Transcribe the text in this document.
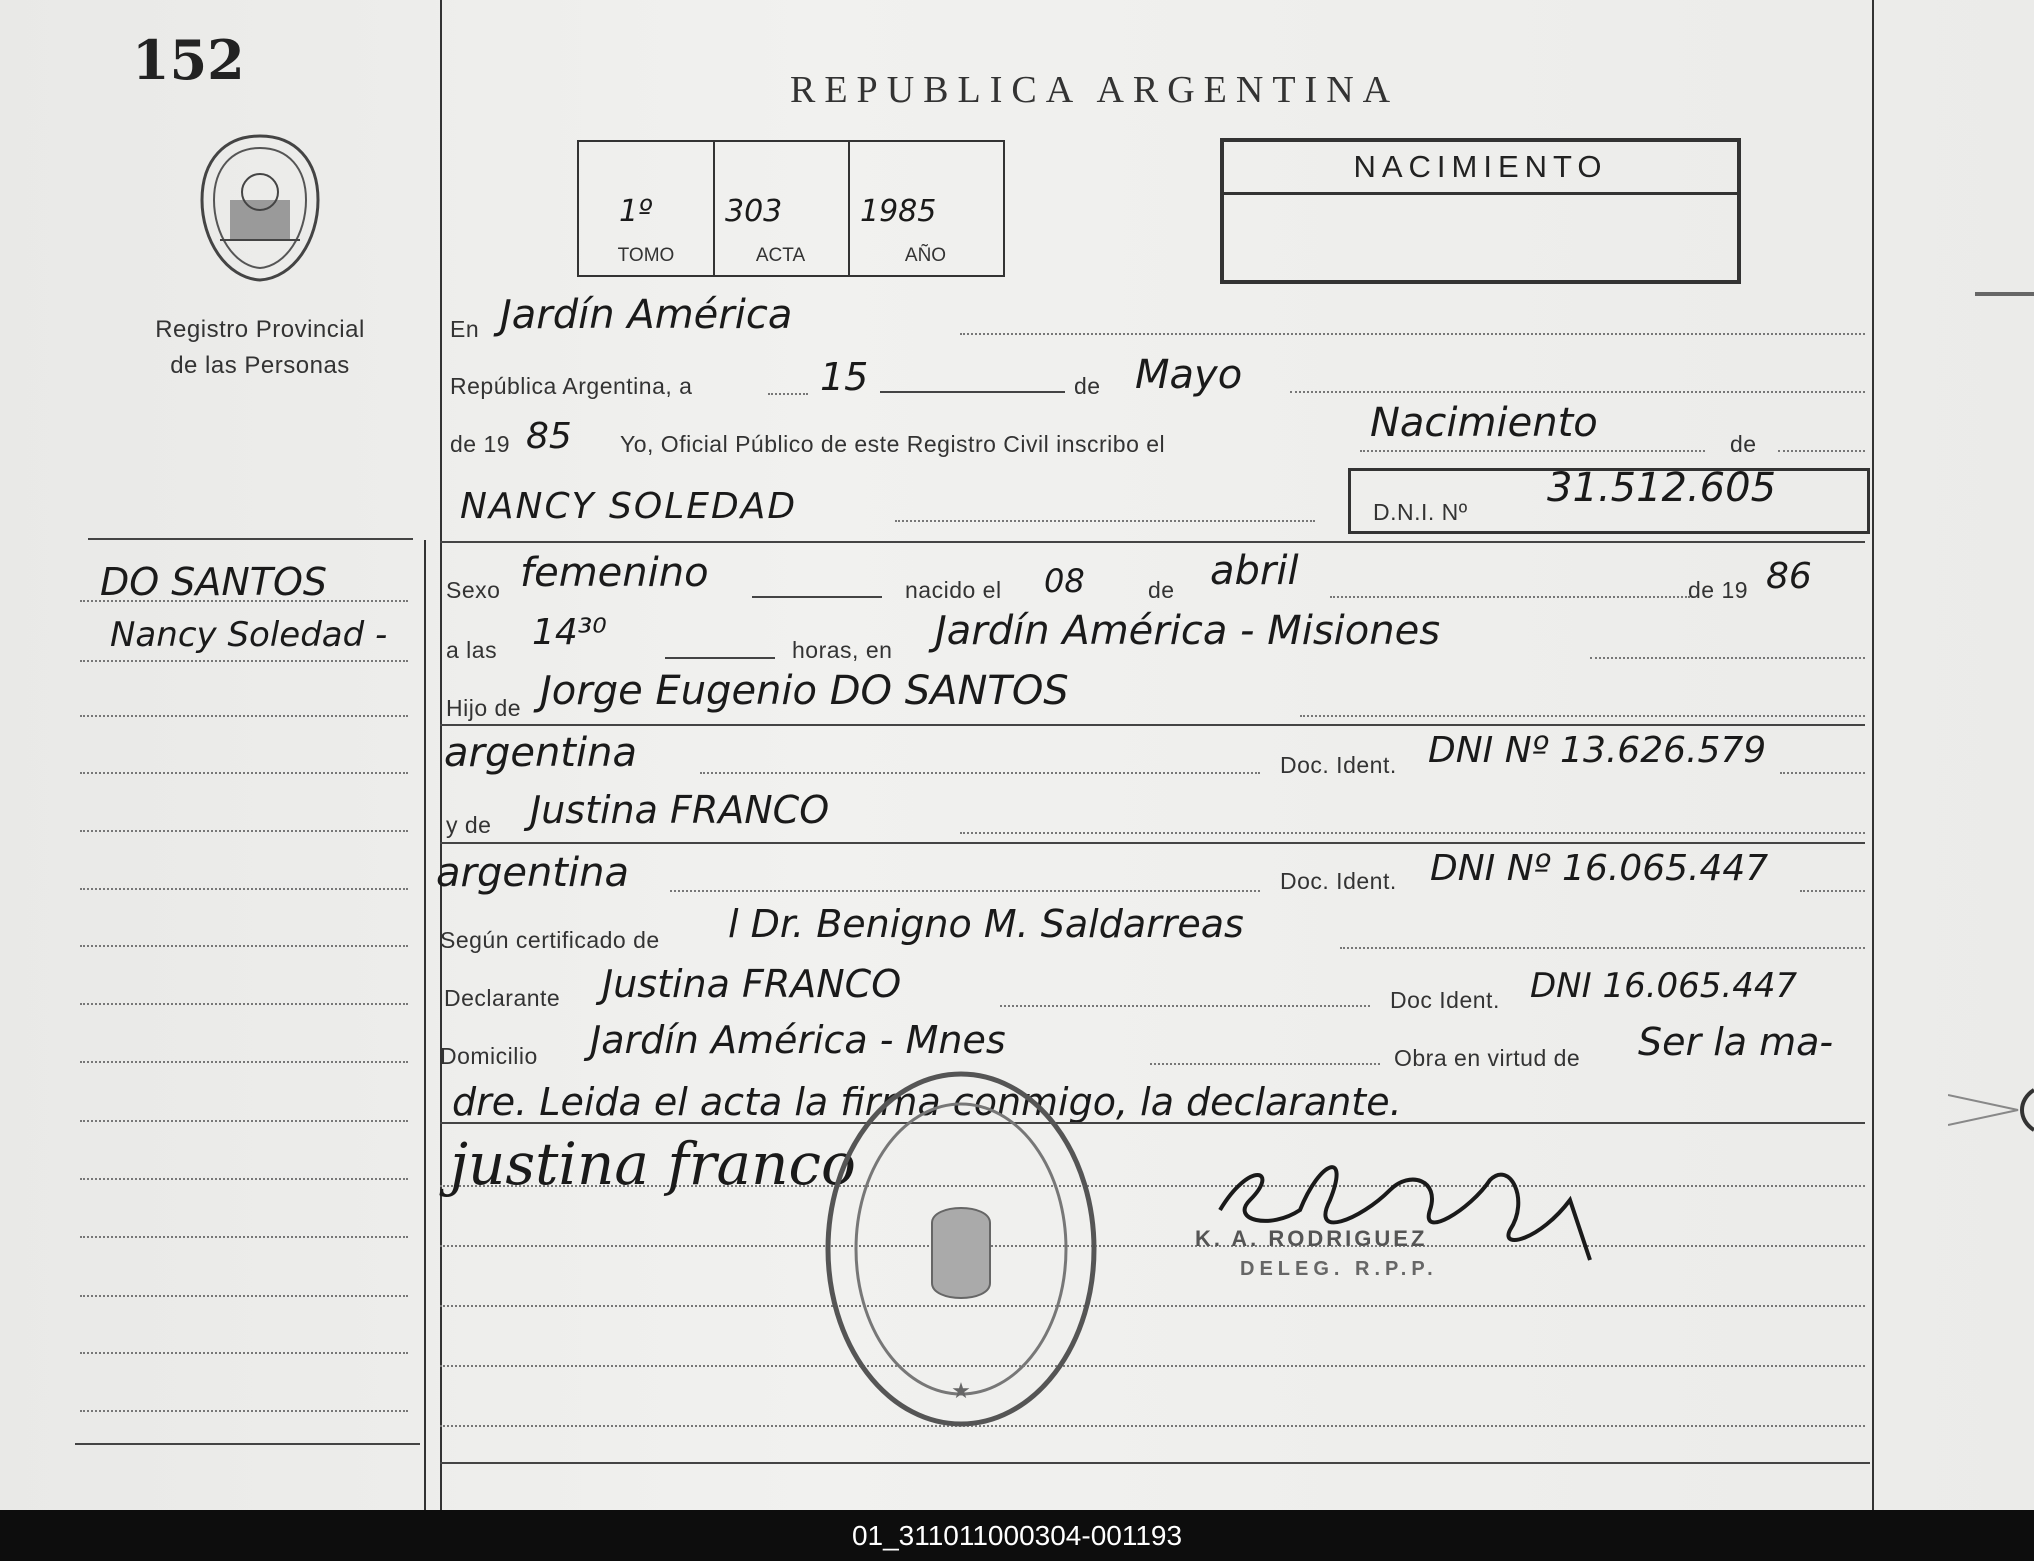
152
Registro Provincial
de las Personas
DO SANTOS
Nancy Soledad -
REPUBLICA ARGENTINA
1º
TOMO
303
ACTA
1985
AÑO
NACIMIENTO
En Jardín América
República Argentina, a	15	de Mayo
de 19 85 Yo, Oficial Público de este Registro Civil inscribo el	Nacimiento	de
NANCY SOLEDAD	D.N.I. Nº
31.512.605
Sexo femenino	nacido el 08	de abril	de 19 86
a las 14³⁰	horas, en Jardín América - Misiones
Hijo de Jorge Eugenio DO SANTOS
argentina	Doc. Ident. DNI Nº 13.626.579
y de Justina FRANCO
argentina	Doc. Ident. DNI Nº 16.065.447
Según certificado de l Dr. Benigno M. Saldarreas
Declarante Justina FRANCO	Doc Ident. DNI 16.065.447
Domicilio Jardín América - Mnes	Obra en virtud de Ser la ma-
dre. Leida el acta la firma conmigo, la declarante.
justina franco
K. A. RODRIGUEZ
DELEG. R.P.P.
★
01_311011000304-001193
